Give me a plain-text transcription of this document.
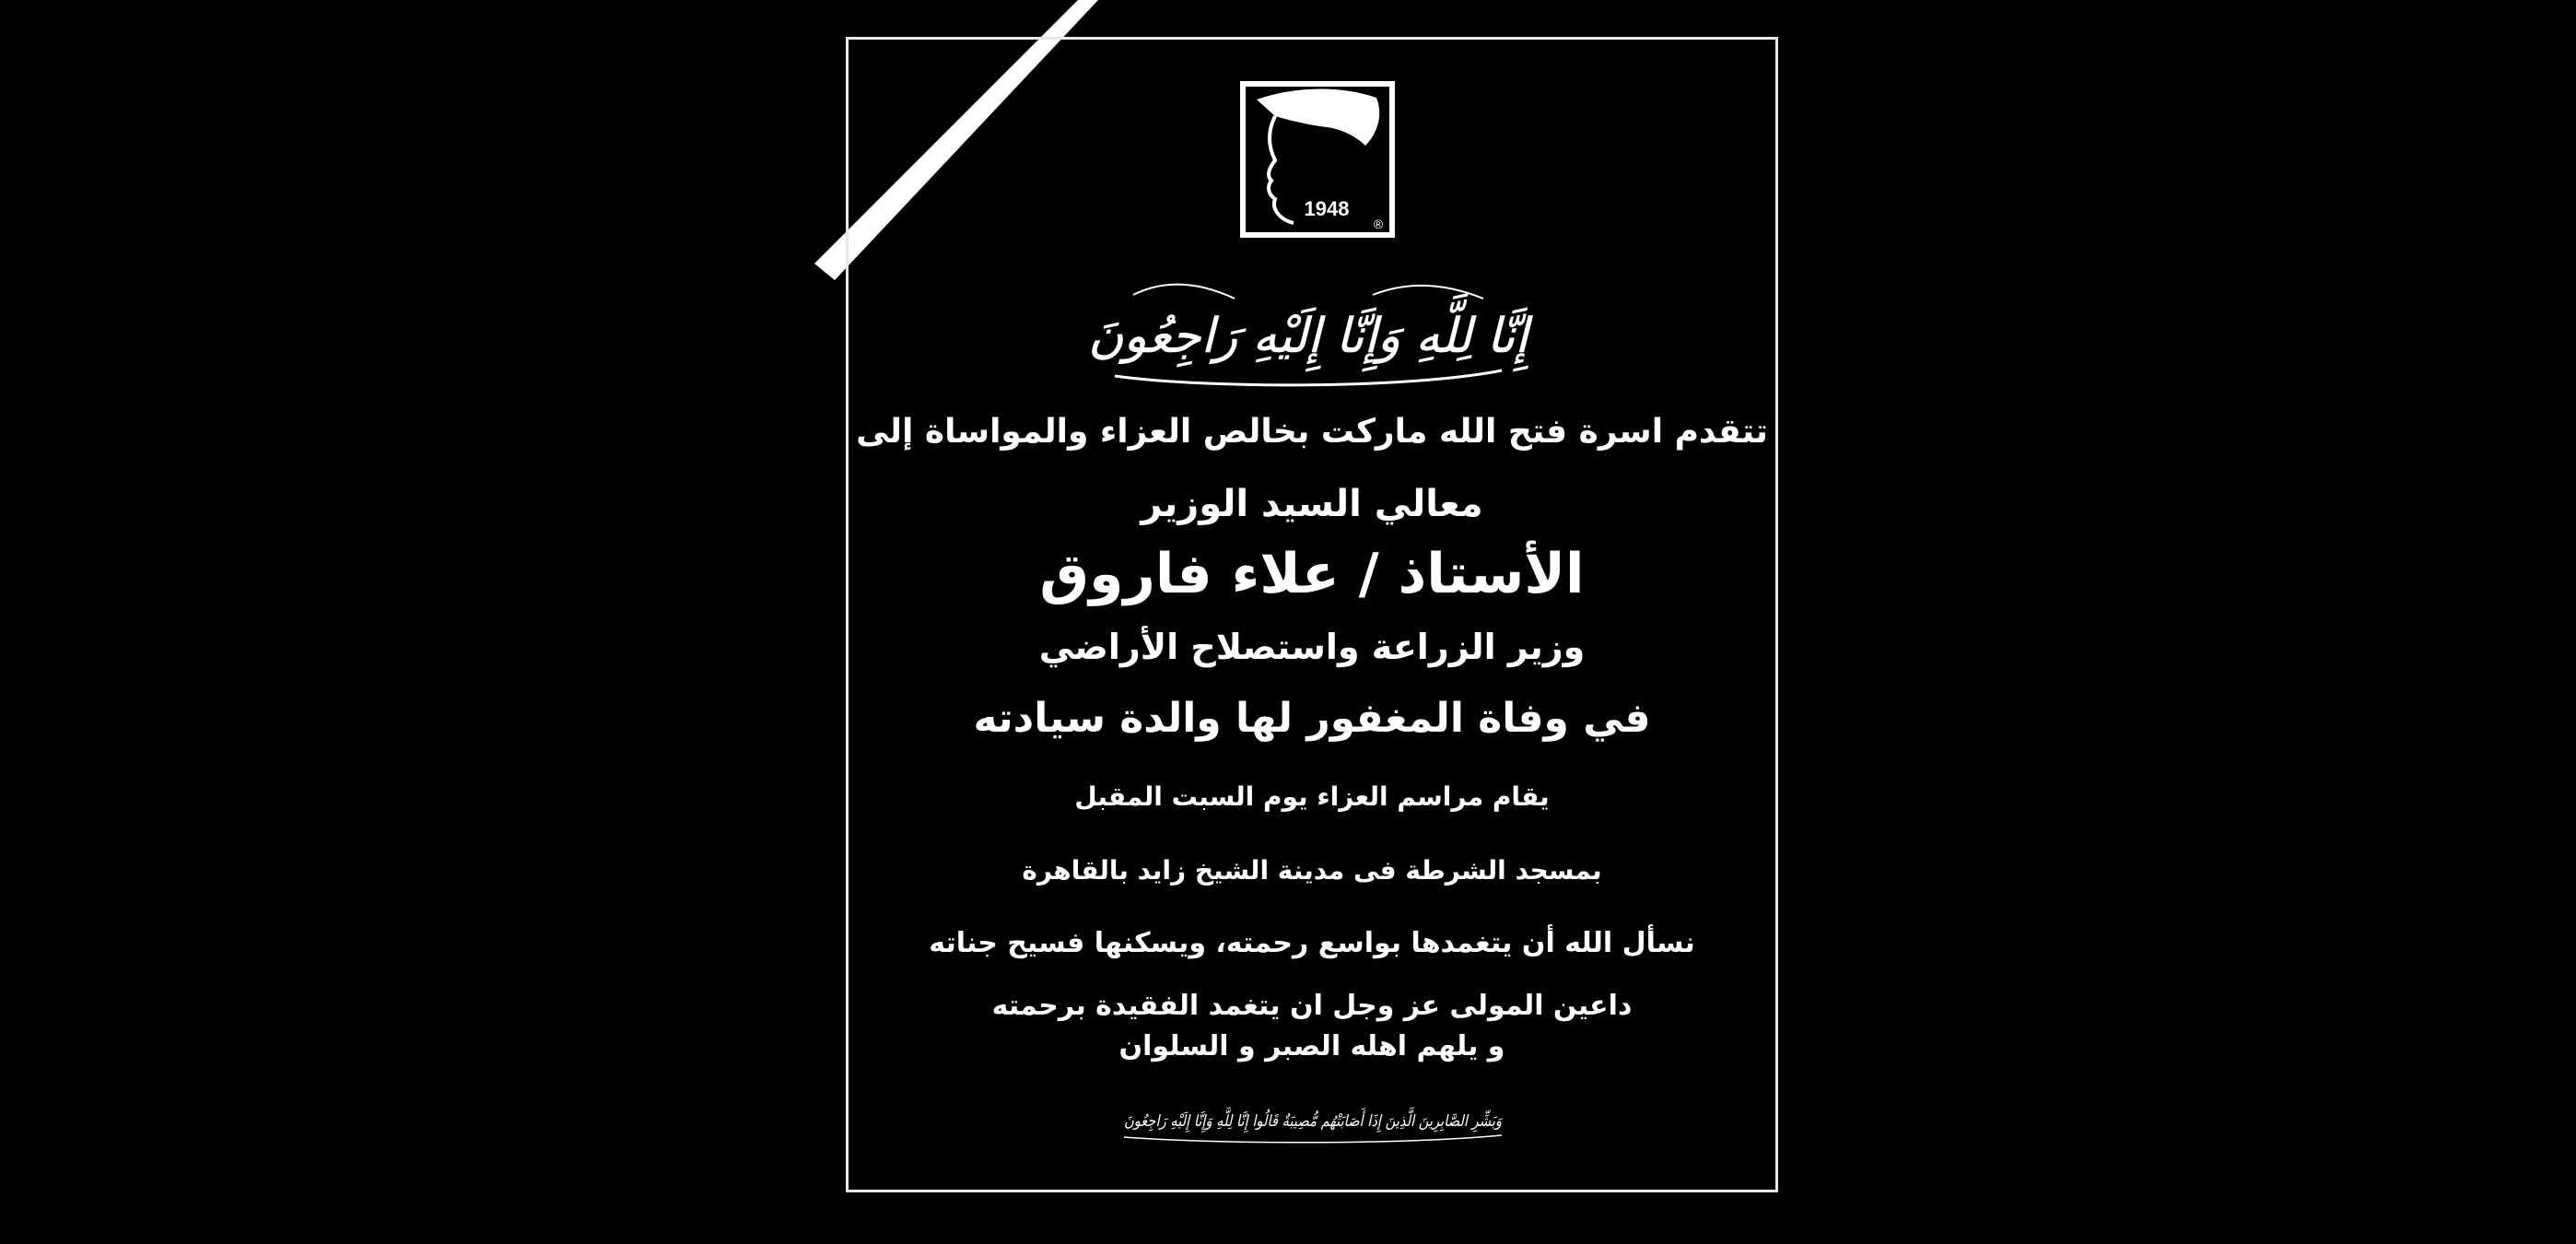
1948
®
إِنَّا لِلَّهِ وَإِنَّا إِلَيْهِ رَاجِعُونَ
تتقدم اسرة فتح الله ماركت بخالص العزاء والمواساة إلى
معالي السيد الوزير
الأستاذ / علاء فاروق
وزير الزراعة واستصلاح الأراضي
في وفاة المغفور لها والدة سيادته
يقام مراسم العزاء يوم السبت المقبل
بمسجد الشرطة فى مدينة الشيخ زايد بالقاهرة
نسأل الله أن يتغمدها بواسع رحمته، ويسكنها فسيح جناته
داعين المولى عز وجل ان يتغمد الفقيدة برحمته
و يلهم اهله الصبر و السلوان
وَبَشِّرِ الصَّابِرِينَ الَّذِينَ إِذَا أَصَابَتْهُم مُّصِيبَةٌ قَالُوا إِنَّا لِلَّهِ وَإِنَّا إِلَيْهِ رَاجِعُونَ
